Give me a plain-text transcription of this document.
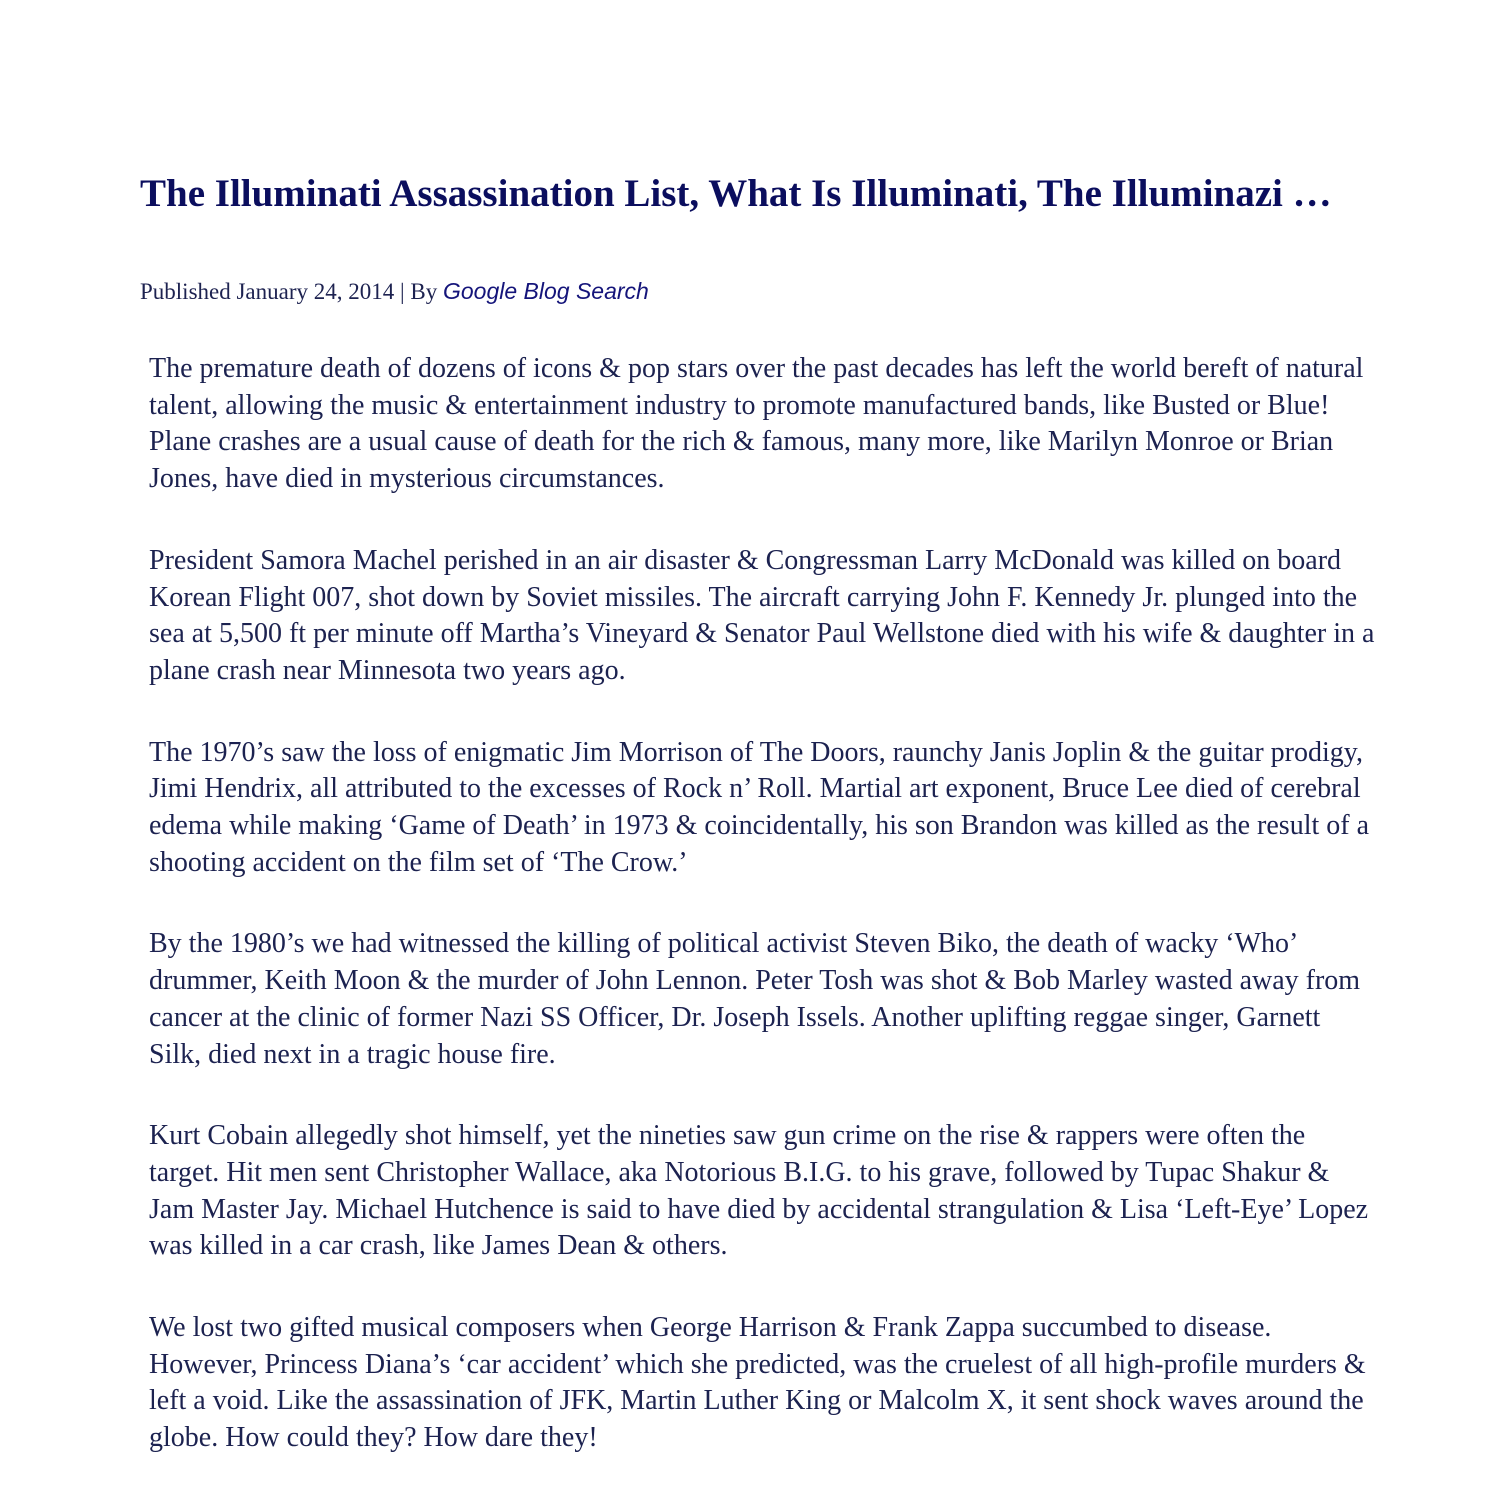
The Illuminati Assassination List, What Is Illuminati, The Illuminazi …
Published January 24, 2014 | By Google Blog Search

The premature death of dozens of icons & pop stars over the past decades has left the world bereft of natural talent, allowing the music & entertainment industry to promote manufactured bands, like Busted or Blue! Plane crashes are a usual cause of death for the rich & famous, many more, like Marilyn Monroe or Brian Jones, have died in mysterious circumstances.

President Samora Machel perished in an air disaster & Congressman Larry McDonald was killed on board Korean Flight 007, shot down by Soviet missiles. The aircraft carrying John F. Kennedy Jr. plunged into the sea at 5,500 ft per minute off Martha’s Vineyard & Senator Paul Wellstone died with his wife & daughter in a plane crash near Minnesota two years ago.

The 1970’s saw the loss of enigmatic Jim Morrison of The Doors, raunchy Janis Joplin & the guitar prodigy, Jimi Hendrix, all attributed to the excesses of Rock n’ Roll. Martial art exponent, Bruce Lee died of cerebral edema while making ‘Game of Death’ in 1973 & coincidentally, his son Brandon was killed as the result of a shooting accident on the film set of ‘The Crow.’

By the 1980’s we had witnessed the killing of political activist Steven Biko, the death of wacky ‘Who’ drummer, Keith Moon & the murder of John Lennon. Peter Tosh was shot & Bob Marley wasted away from cancer at the clinic of former Nazi SS Officer, Dr. Joseph Issels. Another uplifting reggae singer, Garnett Silk, died next in a tragic house fire.

Kurt Cobain allegedly shot himself, yet the nineties saw gun crime on the rise & rappers were often the target. Hit men sent Christopher Wallace, aka Notorious B.I.G. to his grave, followed by Tupac Shakur & Jam Master Jay. Michael Hutchence is said to have died by accidental strangulation & Lisa ‘Left-Eye’ Lopez was killed in a car crash, like James Dean & others.

We lost two gifted musical composers when George Harrison & Frank Zappa succumbed to disease. However, Princess Diana’s ‘car accident’ which she predicted, was the cruelest of all high-profile murders & left a void. Like the assassination of JFK, Martin Luther King or Malcolm X, it sent shock waves around the globe. How could they? How dare they!
